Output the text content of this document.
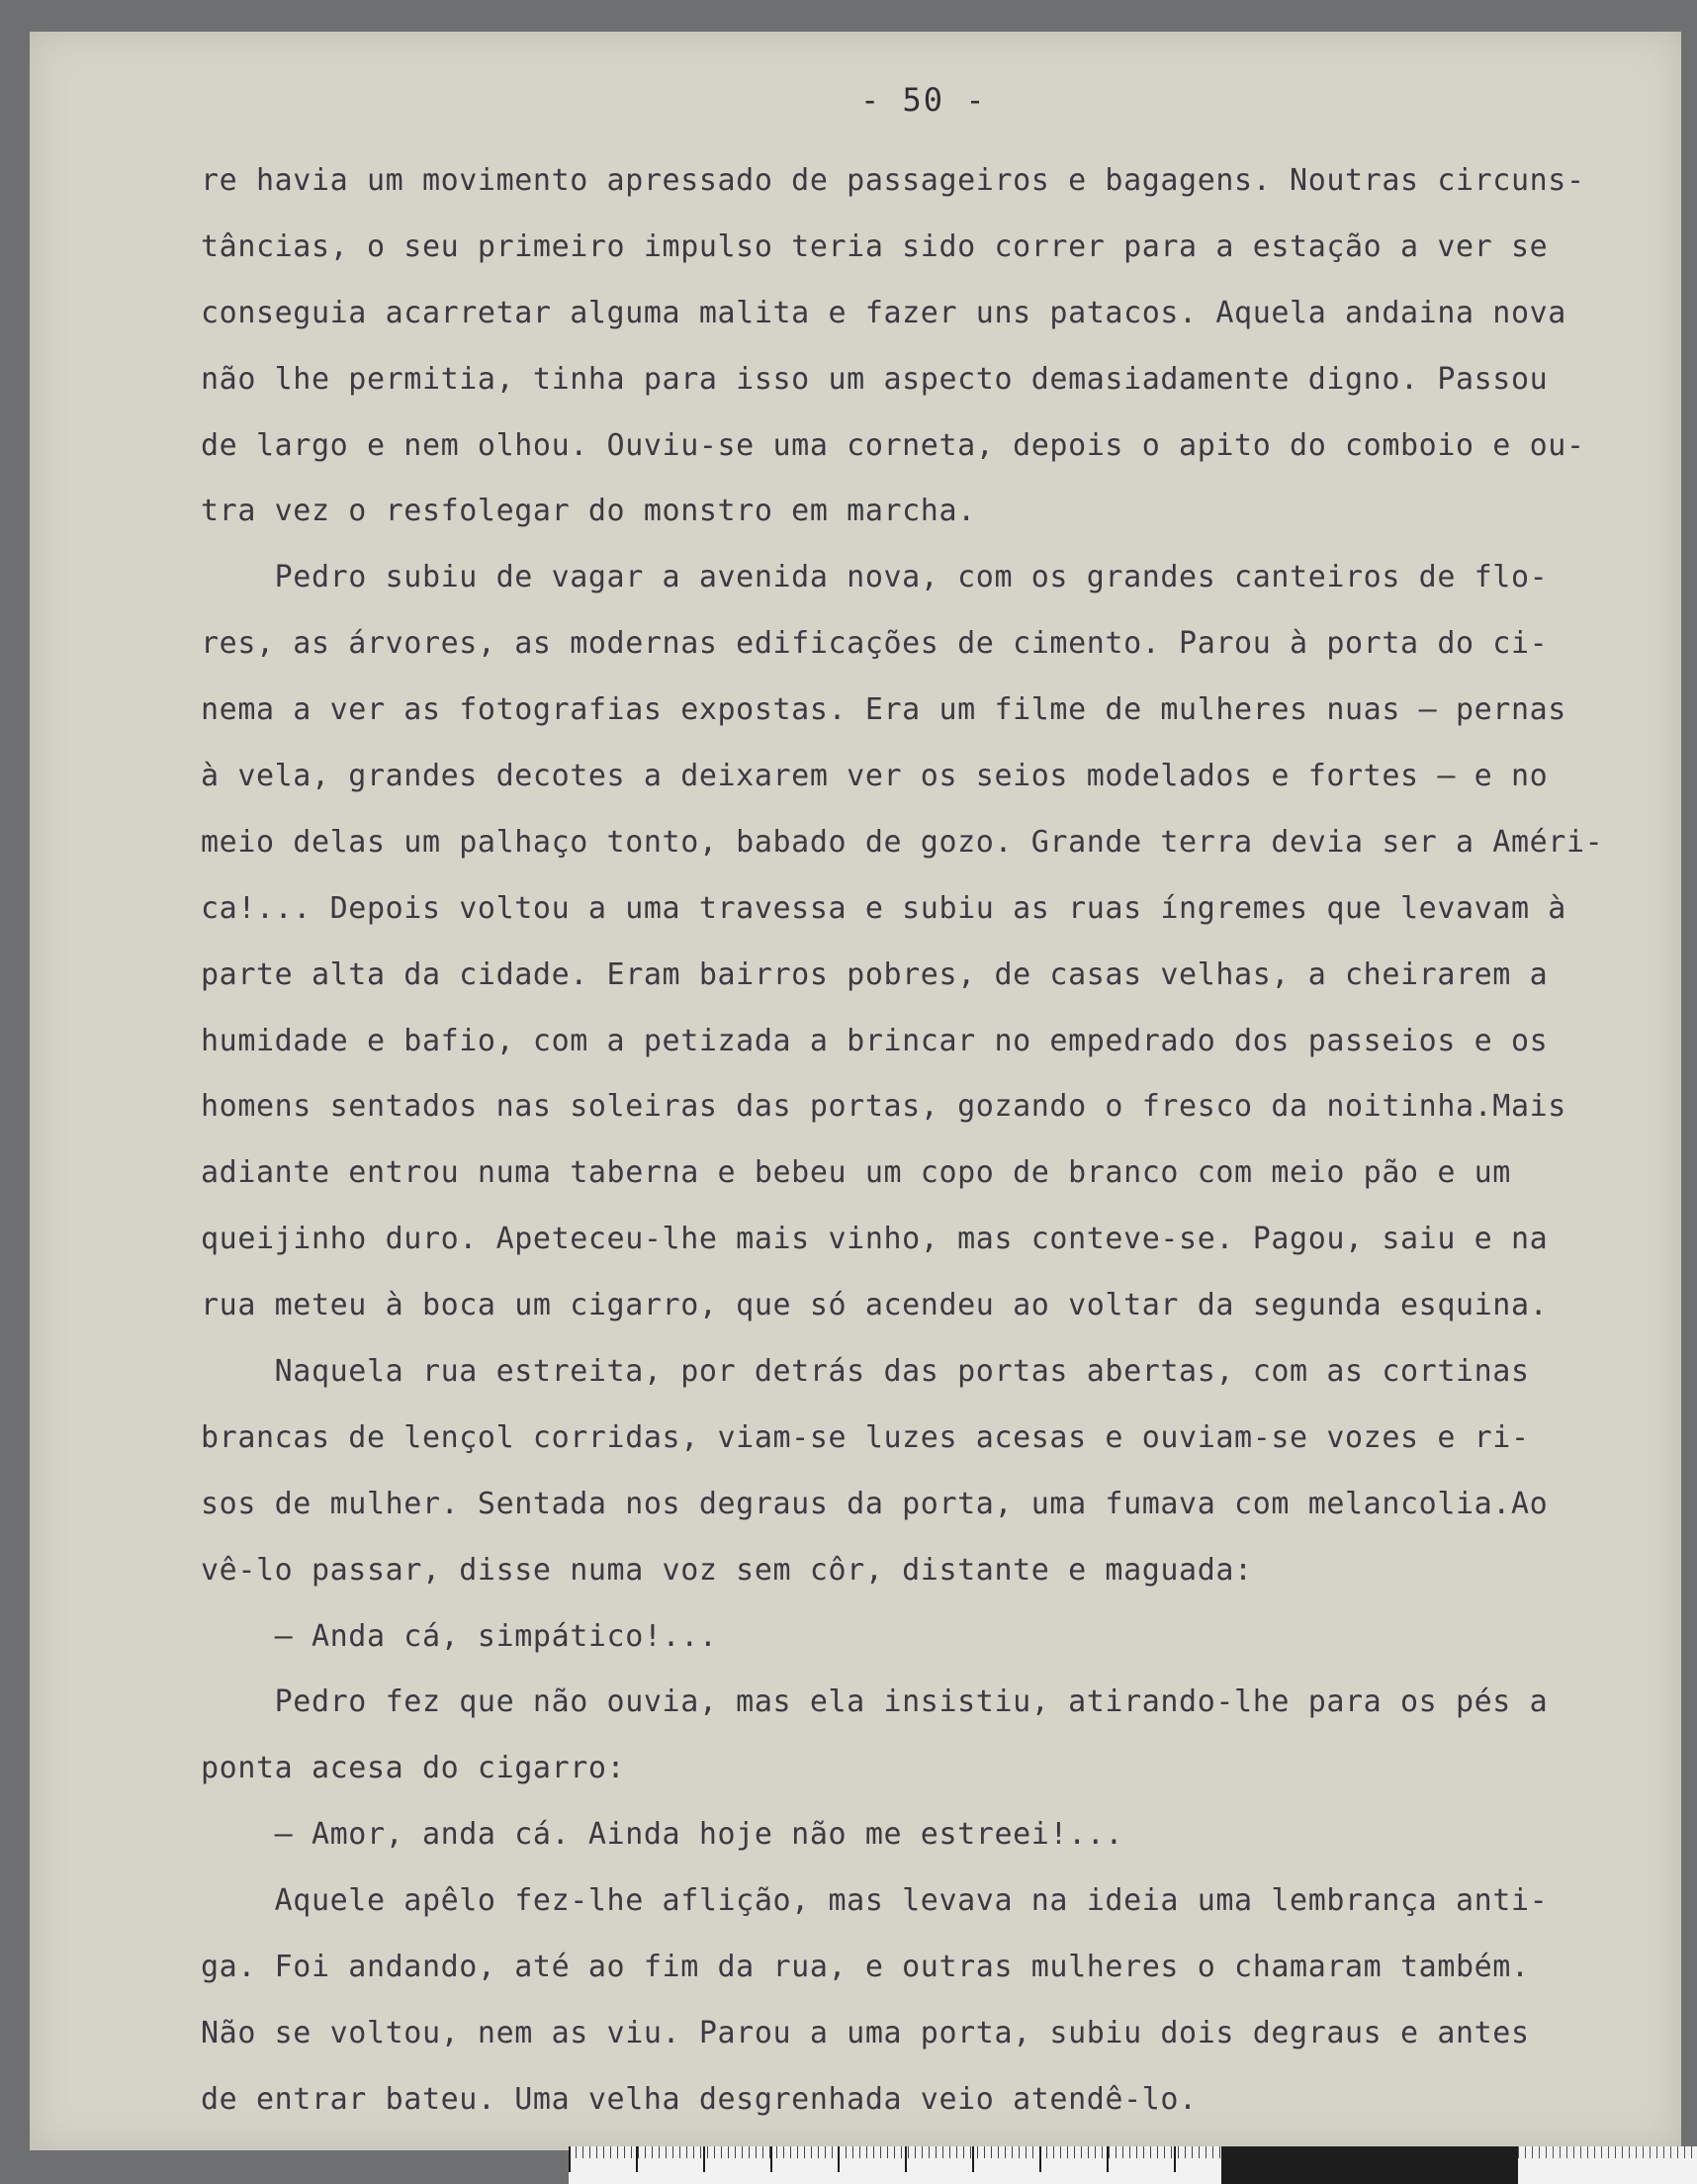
- 50 -
re havia um movimento apressado de passageiros e bagagens. Noutras circuns-
tâncias, o seu primeiro impulso teria sido correr para a estação a ver se
conseguia acarretar alguma malita e fazer uns patacos. Aquela andaina nova
não lhe permitia, tinha para isso um aspecto demasiadamente digno. Passou
de largo e nem olhou. Ouviu-se uma corneta, depois o apito do comboio e ou-
tra vez o resfolegar do monstro em marcha.
Pedro subiu de vagar a avenida nova, com os grandes canteiros de flo-
res, as árvores, as modernas edificações de cimento. Parou à porta do ci-
nema a ver as fotografias expostas. Era um filme de mulheres nuas — pernas
à vela, grandes decotes a deixarem ver os seios modelados e fortes — e no
meio delas um palhaço tonto, babado de gozo. Grande terra devia ser a Améri-
ca!... Depois voltou a uma travessa e subiu as ruas íngremes que levavam à
parte alta da cidade. Eram bairros pobres, de casas velhas, a cheirarem a
humidade e bafio, com a petizada a brincar no empedrado dos passeios e os
homens sentados nas soleiras das portas, gozando o fresco da noitinha.Mais
adiante entrou numa taberna e bebeu um copo de branco com meio pão e um
queijinho duro. Apeteceu-lhe mais vinho, mas conteve-se. Pagou, saiu e na
rua meteu à boca um cigarro, que só acendeu ao voltar da segunda esquina.
Naquela rua estreita, por detrás das portas abertas, com as cortinas
brancas de lençol corridas, viam-se luzes acesas e ouviam-se vozes e ri-
sos de mulher. Sentada nos degraus da porta, uma fumava com melancolia.Ao
vê-lo passar, disse numa voz sem côr, distante e maguada:
— Anda cá, simpático!...
Pedro fez que não ouvia, mas ela insistiu, atirando-lhe para os pés a
ponta acesa do cigarro:
— Amor, anda cá. Ainda hoje não me estreei!...
Aquele apêlo fez-lhe aflição, mas levava na ideia uma lembrança anti-
ga. Foi andando, até ao fim da rua, e outras mulheres o chamaram também.
Não se voltou, nem as viu. Parou a uma porta, subiu dois degraus e antes
de entrar bateu. Uma velha desgrenhada veio atendê-lo.
